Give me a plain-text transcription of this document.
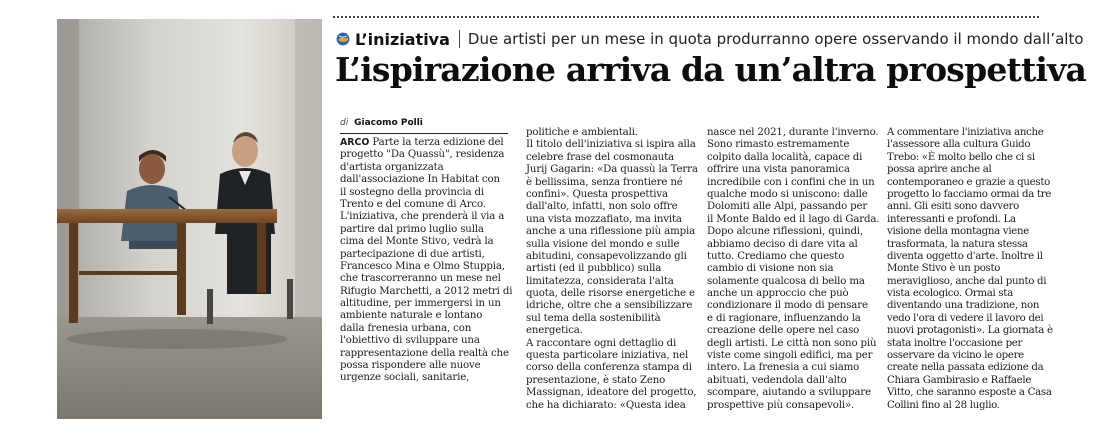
L’iniziativa Due artisti per un mese in quota produrranno opere osservando il mondo dall’alto
L’ispirazione arriva da un’altra prospettiva
di Giacomo Polli
ARCO Parte la terza edizione del
progetto "Da Quassù", residenza
d'artista organizzata
dall'associazione In Habitat con
il sostegno della provincia di
Trento e del comune di Arco.
L'iniziativa, che prenderà il via a
partire dal primo luglio sulla
cima del Monte Stivo, vedrà la
partecipazione di due artisti,
Francesco Mina e Olmo Stuppia,
che trascorreranno un mese nel
Rifugio Marchetti, a 2012 metri di
altitudine, per immergersi in un
ambiente naturale e lontano
dalla frenesia urbana, con
l'obiettivo di sviluppare una
rappresentazione della realtà che
possa rispondere alle nuove
urgenze sociali, sanitarie,
politiche e ambientali.
Il titolo dell'iniziativa si ispira alla
celebre frase del cosmonauta
Jurij Gagarin: «Da quassù la Terra
è bellissima, senza frontiere né
confini». Questa prospettiva
dall'alto, infatti, non solo offre
una vista mozzafiato, ma invita
anche a una riflessione più ampia
sulla visione del mondo e sulle
abitudini, consapevolizzando gli
artisti (ed il pubblico) sulla
limitatezza, considerata l'alta
quota, delle risorse energetiche e
idriche, oltre che a sensibilizzare
sul tema della sostenibilità
energetica.
A raccontare ogni dettaglio di
questa particolare iniziativa, nel
corso della conferenza stampa di
presentazione, è stato Zeno
Massignan, ideatore del progetto,
che ha dichiarato: «Questa idea
nasce nel 2021, durante l'inverno.
Sono rimasto estremamente
colpito dalla località, capace di
offrire una vista panoramica
incredibile con i confini che in un
qualche modo si uniscono: dalle
Dolomiti alle Alpi, passando per
il Monte Baldo ed il lago di Garda.
Dopo alcune riflessioni, quindi,
abbiamo deciso di dare vita al
tutto. Crediamo che questo
cambio di visione non sia
solamente qualcosa di bello ma
anche un approccio che può
condizionare il modo di pensare
e di ragionare, influenzando la
creazione delle opere nel caso
degli artisti. Le città non sono più
viste come singoli edifici, ma per
intero. La frenesia a cui siamo
abituati, vedendola dall'alto
scompare, aiutando a sviluppare
prospettive più consapevoli».
A commentare l'iniziativa anche
l'assessore alla cultura Guido
Trebo: «È molto bello che ci si
possa aprire anche al
contemporaneo e grazie a questo
progetto lo facciamo ormai da tre
anni. Gli esiti sono davvero
interessanti e profondi. La
visione della montagna viene
trasformata, la natura stessa
diventa oggetto d'arte. Inoltre il
Monte Stivo è un posto
meraviglioso, anche dal punto di
vista ecologico. Ormai sta
diventando una tradizione, non
vedo l'ora di vedere il lavoro dei
nuovi protagonisti». La giornata è
stata inoltre l'occasione per
osservare da vicino le opere
create nella passata edizione da
Chiara Gambirasio e Raffaele
Vitto, che saranno esposte a Casa
Collini fino al 28 luglio.
